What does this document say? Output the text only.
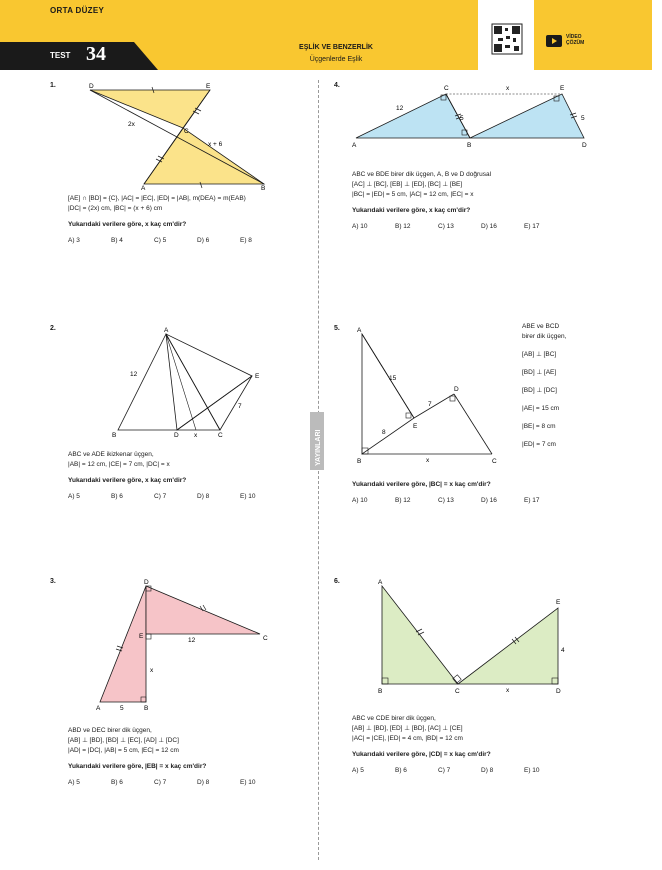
ORTA DÜZEY
TEST 34	EŞLİK VE BENZERLİK
Üçgenlerde Eşlik
VİDEO ÇÖZÜM
YAYINLARI
1.	D	E
C
A	B
2x
x + 6
[AE] ∩ [BD] = {C}, |AC| = |EC|, |ED| = |AB|, m(DEA) = m(EAB)
|DC| = (2x) cm, |BC| = (x + 6) cm
Yukarıdaki verilere göre, x kaç cm'dir?
A) 3	B) 4	C) 5	D) 6	E) 8
2.	A
B	D	C
E
12
7
x
ABC ve ADE ikizkenar üçgen,
|AB| = 12 cm, |CE| = 7 cm, |DC| = x
Yukarıdaki verilere göre, x kaç cm'dir?
A) 5	B) 6	C) 7	D) 8	E) 10
3.	D
E	C
A	B
12
x
5
ABD ve DEC birer dik üçgen,
[AB] ⊥ [BD], [BD] ⊥ [EC], [AD] ⊥ [DC]
|AD| = |DC|, |AB| = 5 cm, |EC| = 12 cm
Yukarıdaki verilere göre, |EB| = x kaç cm'dir?
A) 5	B) 6	C) 7	D) 8	E) 10
4.	C	E
A	B	D
12
5	5
x
ABC ve BDE birer dik üçgen, A, B ve D doğrusal
[AC] ⊥ [BC], [EB] ⊥ [ED], [BC] ⊥ [BE]
|BC| = |ED| = 5 cm, |AC| = 12 cm, |EC| = x
Yukarıdaki verilere göre, x kaç cm'dir?
A) 10	B) 12	C) 13	D) 16	E) 17
5.	A
B	C
D
E
15
8
7
x
ABE ve BCD
birer dik üçgen,
[AB] ⊥ [BC]
[BD] ⊥ [AE]
[BD] ⊥ [DC]
|AE| = 15 cm
|BE| = 8 cm
|ED| = 7 cm
Yukarıdaki verilere göre, |BC| = x kaç cm'dir?
A) 10	B) 12	C) 13	D) 16	E) 17
6.	A
B	C	D
E
4
x
ABC ve CDE birer dik üçgen,
[AB] ⊥ [BD], [ED] ⊥ [BD], [AC] ⊥ [CE]
|AC| = |CE|, |ED| = 4 cm, |BD| = 12 cm
Yukarıdaki verilere göre, |CD| = x kaç cm'dir?
A) 5	B) 6	C) 7	D) 8	E) 10
